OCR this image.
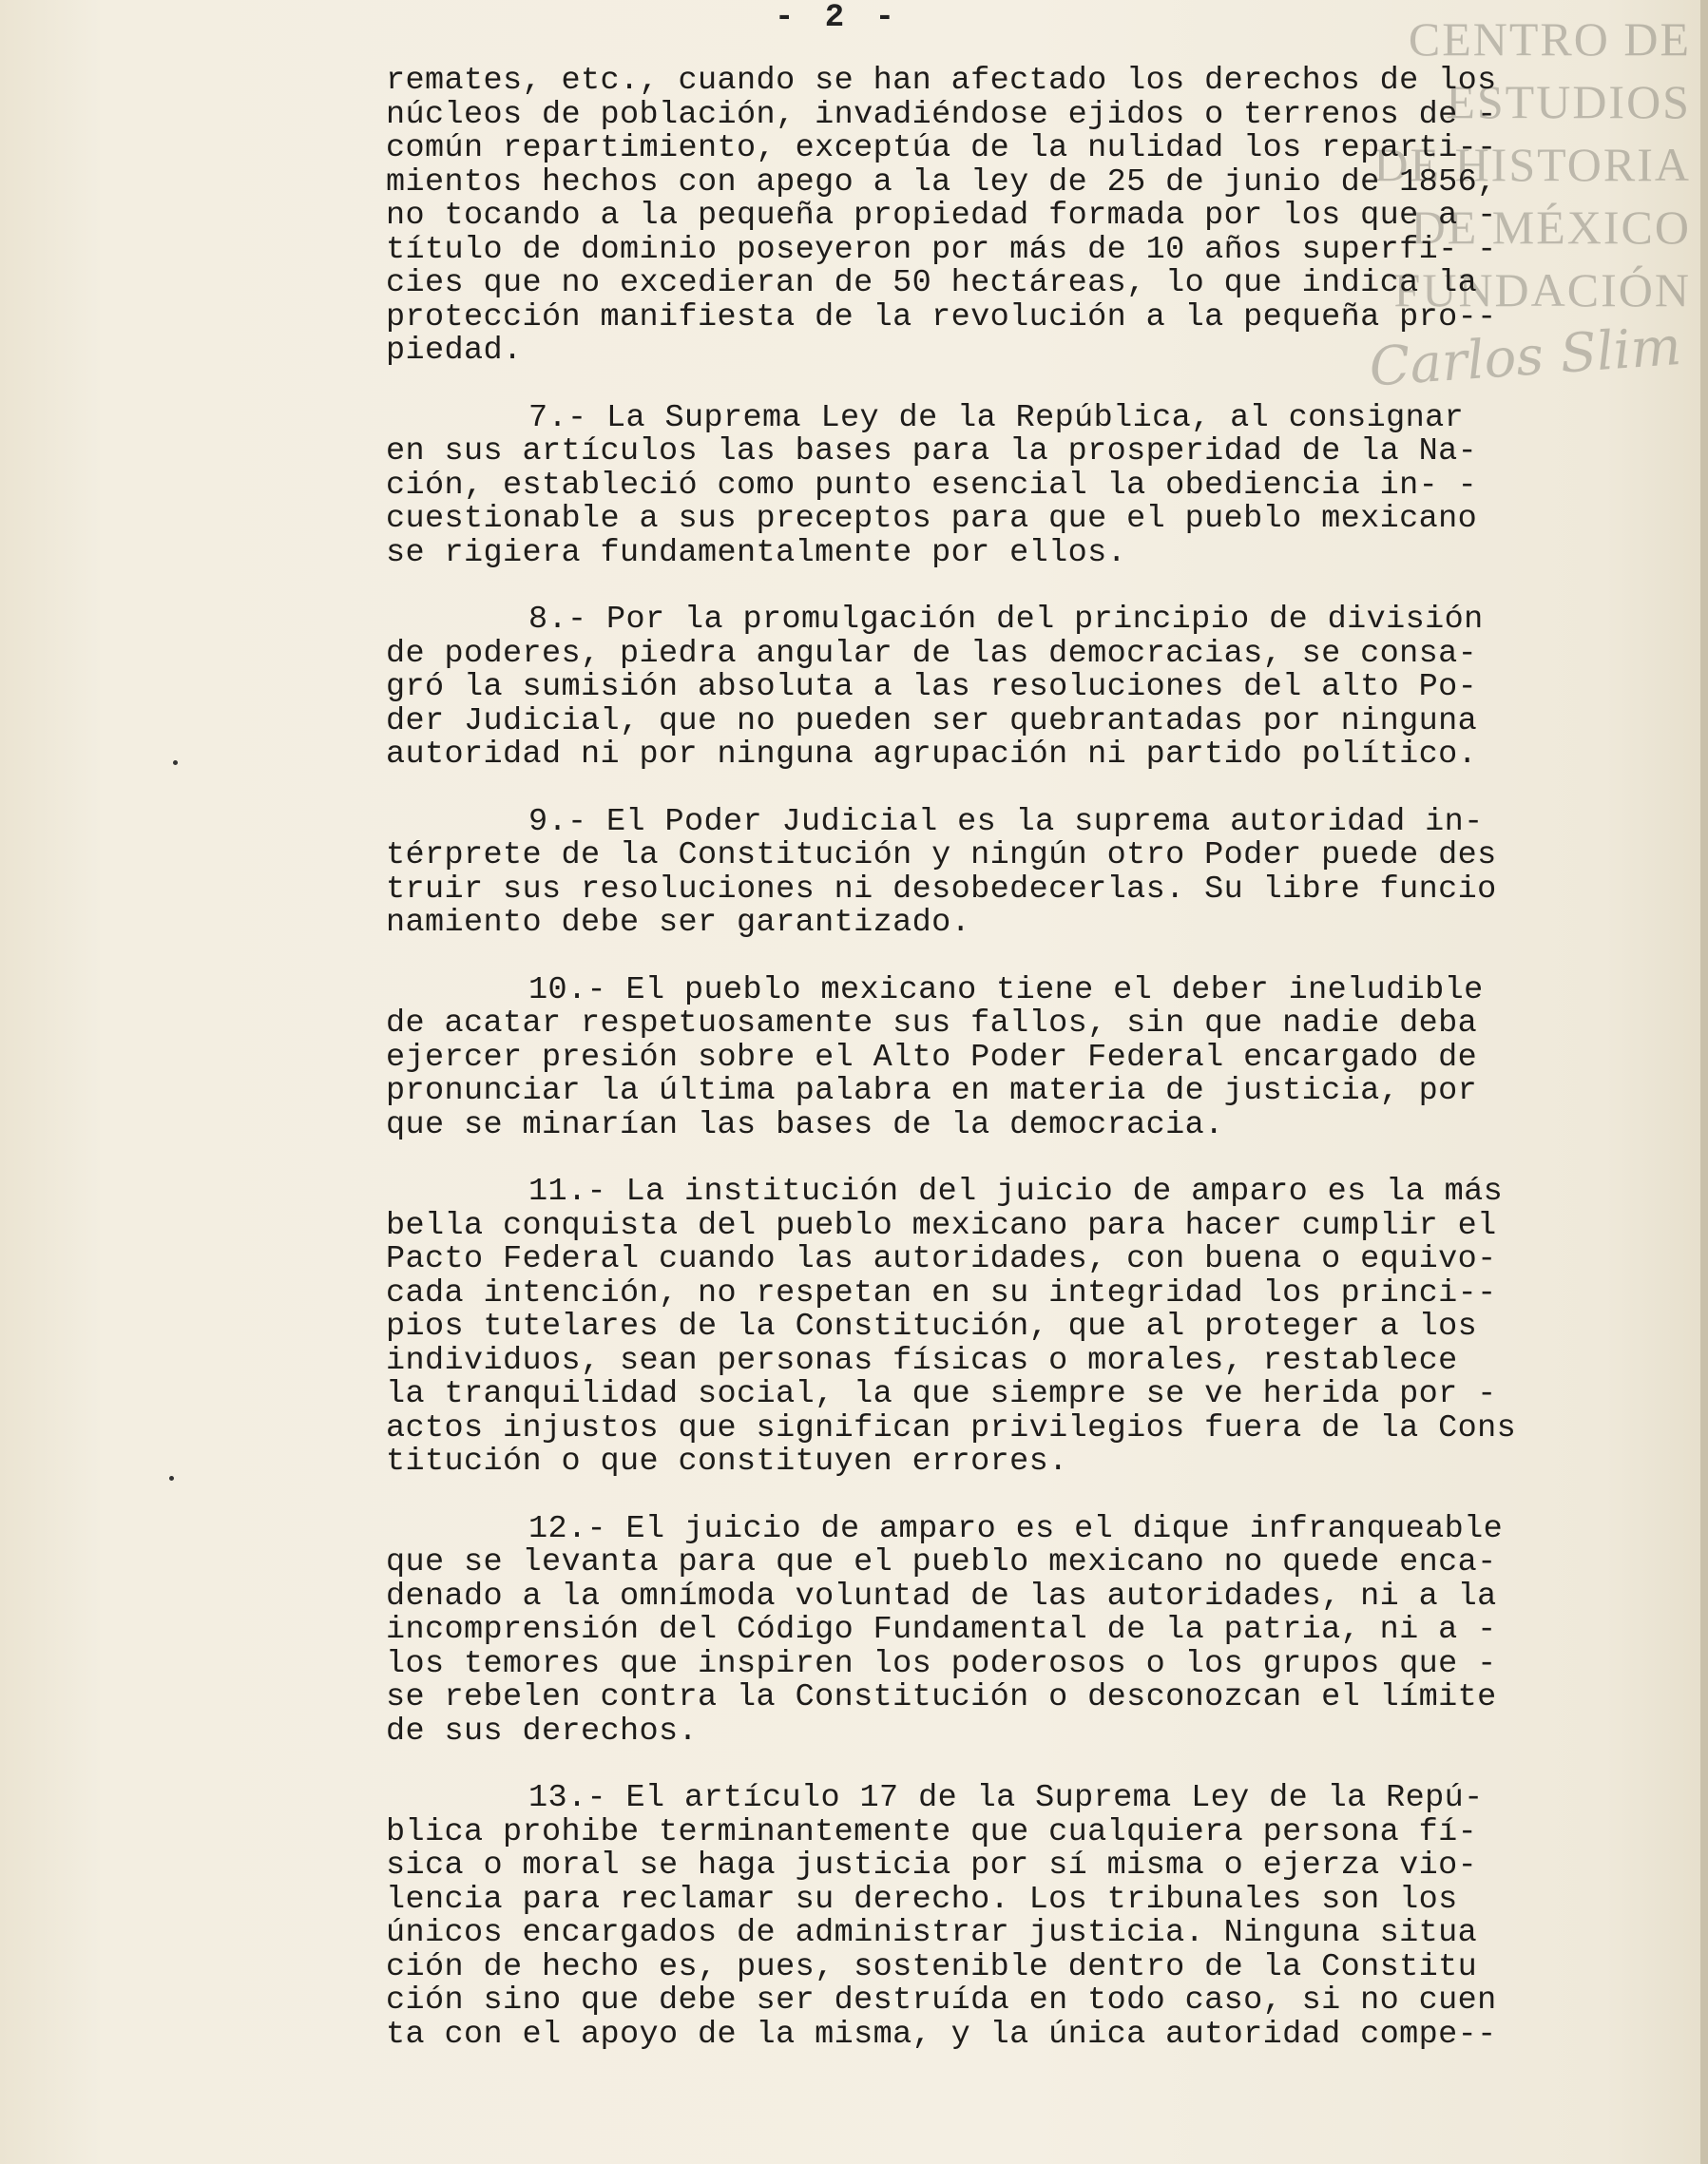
- 2 -	CENTRO DE
ESTUDIOS
DE HISTORIA
DE MÉXICO
FUNDACIÓN
Carlos Slim
remates, etc., cuando se han afectado los derechos de los
núcleos de población, invadiéndose ejidos o terrenos de -
común repartimiento, exceptúa de la nulidad los reparti--
mientos hechos con apego a la ley de 25 de junio de 1856,
no tocando a la pequeña propiedad formada por los que a -
título de dominio poseyeron por más de 10 años superfi- -
cies que no excedieran de 50 hectáreas, lo que indica la
protección manifiesta de la revolución a la pequeña pro--
piedad.
7.- La Suprema Ley de la República, al consignar
en sus artículos las bases para la prosperidad de la Na-
ción, estableció como punto esencial la obediencia in- -
cuestionable a sus preceptos para que el pueblo mexicano
se rigiera fundamentalmente por ellos.
8.- Por la promulgación del principio de división
de poderes, piedra angular de las democracias, se consa-
gró la sumisión absoluta a las resoluciones del alto Po-
der Judicial, que no pueden ser quebrantadas por ninguna
autoridad ni por ninguna agrupación ni partido político.
9.- El Poder Judicial es la suprema autoridad in-
térprete de la Constitución y ningún otro Poder puede des
truir sus resoluciones ni desobedecerlas. Su libre funcio
namiento debe ser garantizado.
10.- El pueblo mexicano tiene el deber ineludible
de acatar respetuosamente sus fallos, sin que nadie deba
ejercer presión sobre el Alto Poder Federal encargado de
pronunciar la última palabra en materia de justicia, por
que se minarían las bases de la democracia.
11.- La institución del juicio de amparo es la más
bella conquista del pueblo mexicano para hacer cumplir el
Pacto Federal cuando las autoridades, con buena o equivo-
cada intención, no respetan en su integridad los princi--
pios tutelares de la Constitución, que al proteger a los
individuos, sean personas físicas o morales, restablece
la tranquilidad social, la que siempre se ve herida por -
actos injustos que significan privilegios fuera de la Cons
titución o que constituyen errores.
12.- El juicio de amparo es el dique infranqueable
que se levanta para que el pueblo mexicano no quede enca-
denado a la omnímoda voluntad de las autoridades, ni a la
incomprensión del Código Fundamental de la patria, ni a -
los temores que inspiren los poderosos o los grupos que -
se rebelen contra la Constitución o desconozcan el límite
de sus derechos.
13.- El artículo 17 de la Suprema Ley de la Repú-
blica prohibe terminantemente que cualquiera persona fí-
sica o moral se haga justicia por sí misma o ejerza vio-
lencia para reclamar su derecho. Los tribunales son los
únicos encargados de administrar justicia. Ninguna situa
ción de hecho es, pues, sostenible dentro de la Constitu
ción sino que debe ser destruída en todo caso, si no cuen
ta con el apoyo de la misma, y la única autoridad compe--
